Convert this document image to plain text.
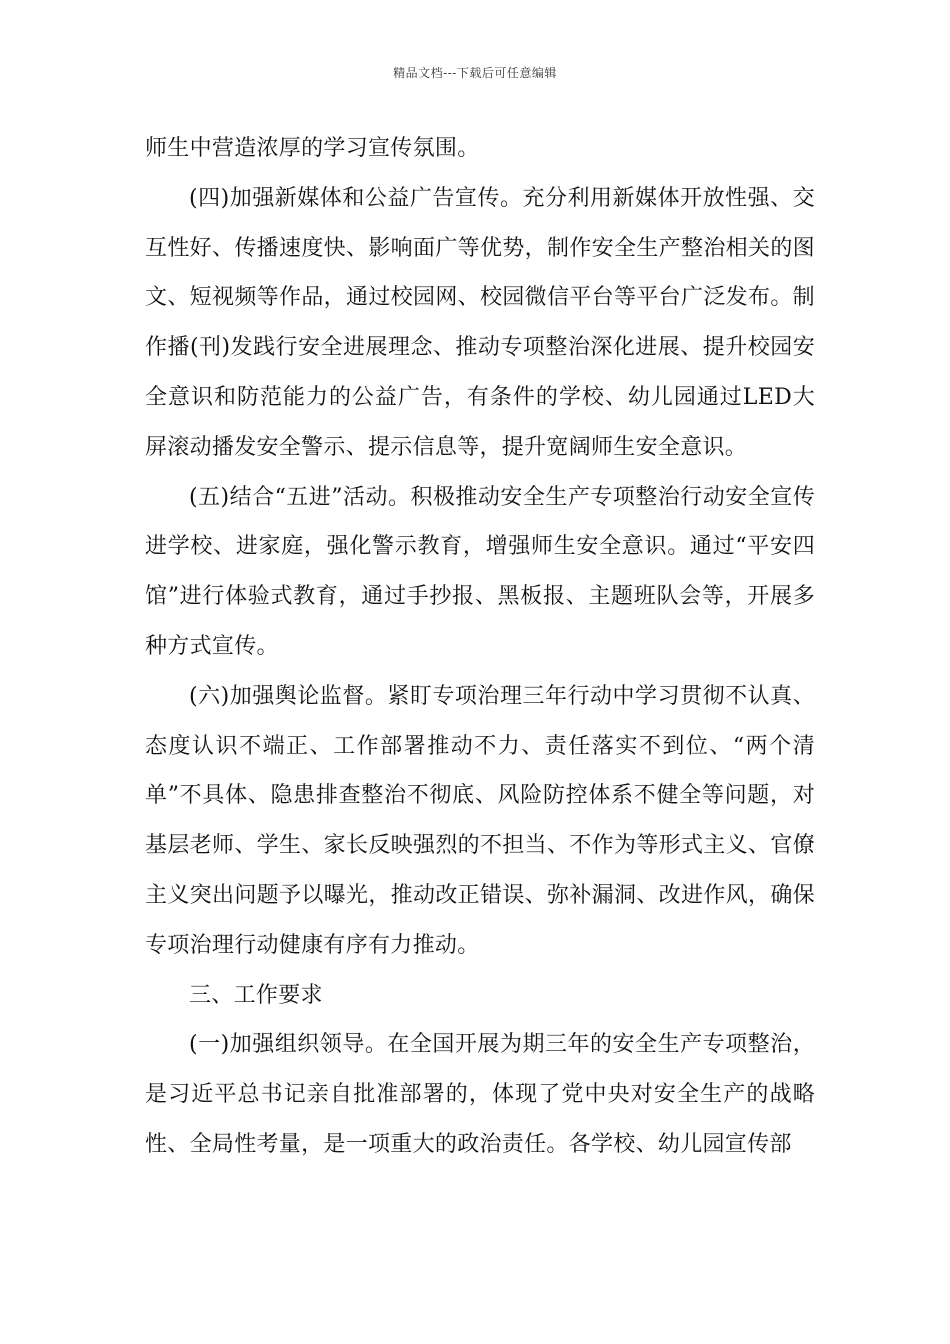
精品文档---下载后可任意编辑

师生中营造浓厚的学习宣传氛围。

(四)加强新媒体和公益广告宣传。充分利用新媒体开放性强、交互性好、传播速度快、影响面广等优势，制作安全生产整治相关的图文、短视频等作品，通过校园网、校园微信平台等平台广泛发布。制作播(刊)发践行安全进展理念、推动专项整治深化进展、提升校园安全意识和防范能力的公益广告，有条件的学校、幼儿园通过LED大屏滚动播发安全警示、提示信息等，提升宽阔师生安全意识。

(五)结合“五进”活动。积极推动安全生产专项整治行动安全宣传进学校、进家庭，强化警示教育，增强师生安全意识。通过“平安四馆”进行体验式教育，通过手抄报、黑板报、主题班队会等，开展多种方式宣传。

(六)加强舆论监督。紧盯专项治理三年行动中学习贯彻不认真、态度认识不端正、工作部署推动不力、责任落实不到位、“两个清单”不具体、隐患排查整治不彻底、风险防控体系不健全等问题，对基层老师、学生、家长反映强烈的不担当、不作为等形式主义、官僚主义突出问题予以曝光，推动改正错误、弥补漏洞、改进作风，确保专项治理行动健康有序有力推动。

三、工作要求

(一)加强组织领导。在全国开展为期三年的安全生产专项整治，是习近平总书记亲自批准部署的，体现了党中央对安全生产的战略性、全局性考量，是一项重大的政治责任。各学校、幼儿园宣传部
